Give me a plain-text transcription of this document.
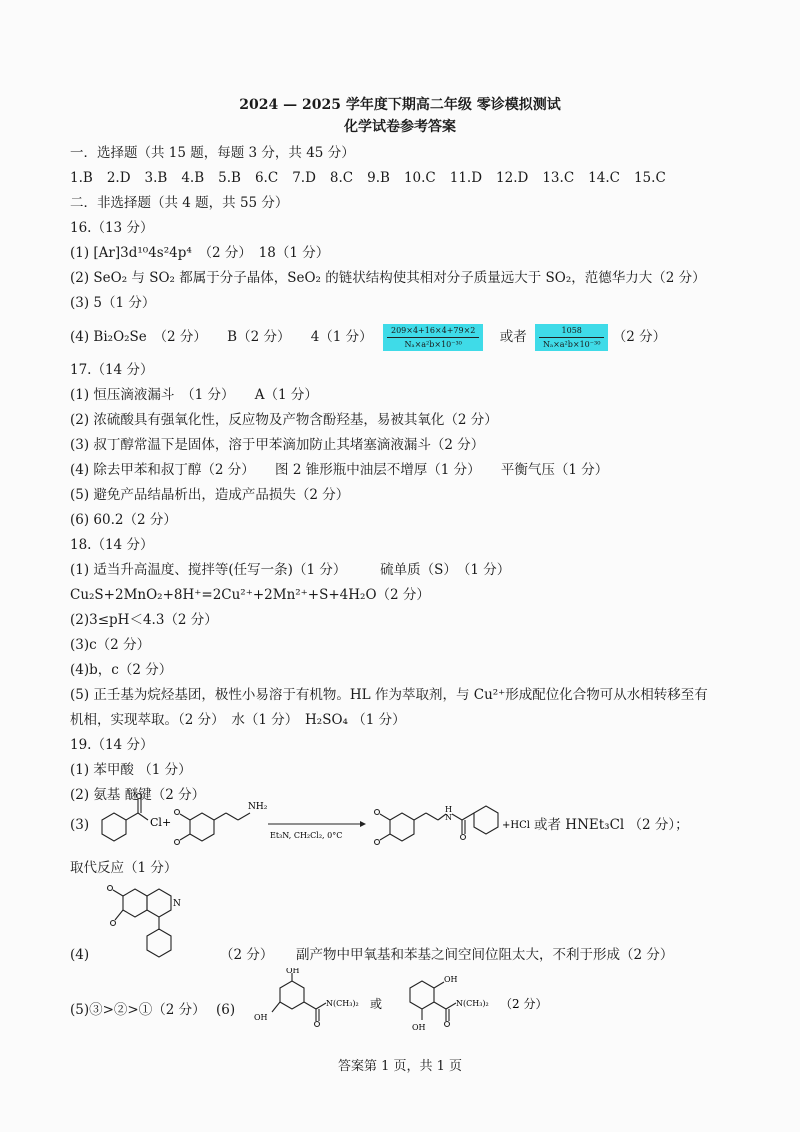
2024 — 2025 学年度下期高二年级 零诊模拟测试
化学试卷参考答案
一．选择题（共 15 题，每题 3 分，共 45 分）
1.B 2.D 3.B 4.B 5.B 6.C 7.D 8.C 9.B 10.C 11.D 12.D 13.C 14.C 15.C
二．非选择题（共 4 题，共 55 分）
16.（13 分）
(1) [Ar]3d¹⁰4s²4p⁴　（2 分）　18（1 分）
(2) SeO₂ 与 SO₂ 都属于分子晶体，SeO₂ 的链状结构使其相对分子质量远大于 SO₂，范德华力大（2 分）
(3) 5（1 分）
(4) Bi₂O₂Se　（2 分）　　B（2 分）　　4（1 分） $\frac{209\times 4+16\times 4+79\times 2}{\text{Nₐ×a²b×10⁻³⁰}}$ 或者 $\frac{1058}{\text{Nₐ×a²b×10⁻³⁰}} (2$ 分）
17.（14 分）
(1) 恒压滴液漏斗　（1 分）　　A（1 分）
(2) 浓硫酸具有强氧化性，反应物及产物含酚羟基，易被其氧化（2 分）
(3) 叔丁醇常温下是固体，溶于甲苯滴加防止其堵塞滴液漏斗（2 分）
(4) 除去甲苯和叔丁醇（2 分）　　图 2 锥形瓶中油层不增厚（1 分）　　平衡气压（1 分）
(5) 避免产品结晶析出，造成产品损失（2 分）
(6) 60.2（2 分）
18.（14 分）
(1) 适当升高温度、搅拌等(任写一条)（1 分）　　　硫单质（S）　（1 分）
Cu₂S+2MnO₂+8H⁺=2Cu²⁺+2Mn²⁺+S+4H₂O（2 分）
(2)3≤pH＜4.3（2 分）
(3)c（2 分）
(4)b，c（2 分）
(5) 正壬基为烷烃基团，极性小易溶于有机物。HL 作为萃取剂，与 Cu²⁺形成配位化合物可从水相转移至有
机相，实现萃取。（2 分）　水（1 分）　H₂SO₄ （1 分）
19.（14 分）
(1) 苯甲酸 （1 分）
(2) 氨基 醚键（2 分）
(3)	Cl +
NH₂
Et₃N, CH₂Cl₂, 0°C
H
N
+HCl 或者 HNEt₃Cl （2 分）；
取代反应（1 分）
N
(4)	（2 分） 副产物中甲氧基和苯基之间空间位阻太大，不利于形成（2 分）
(5)③>②>①（2 分） (6)
OH
OH
N(CH₃)₂ 或
OH
OH
N(CH₃)₂ （2 分）
答案第 1 页，共 1 页
